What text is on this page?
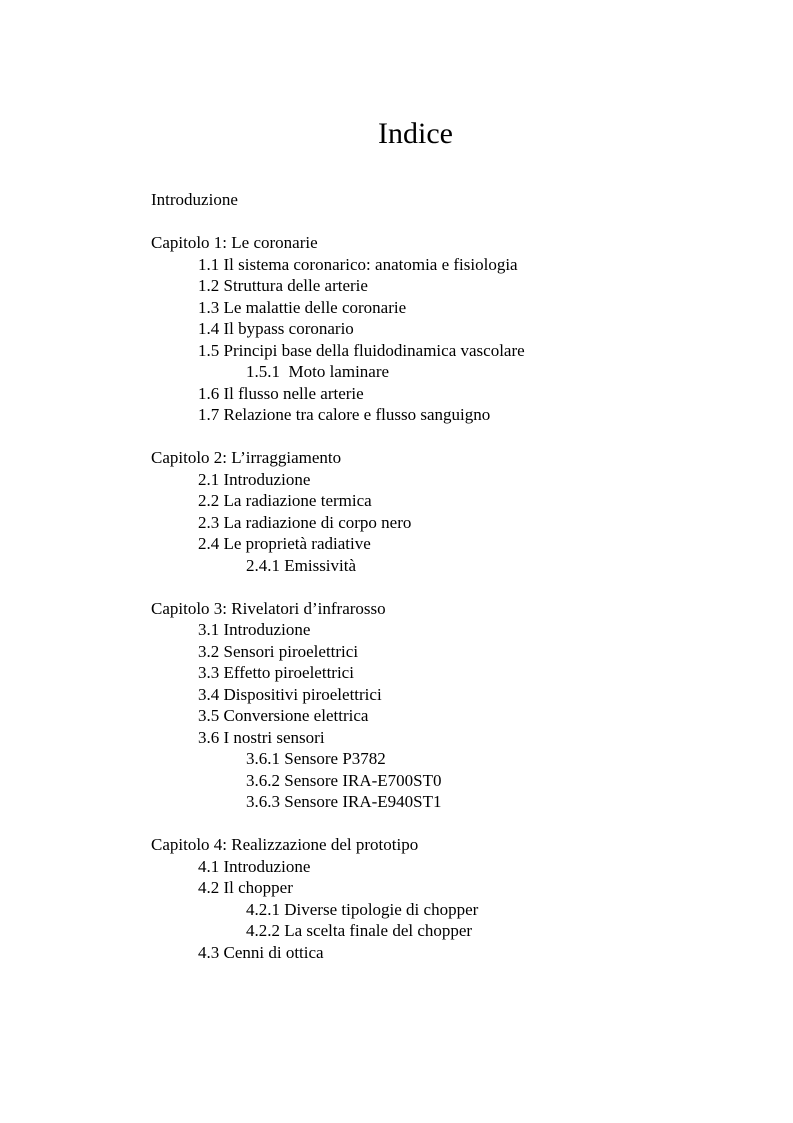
Indice
Introduzione
Capitolo 1: Le coronarie
1.1 Il sistema coronarico: anatomia e fisiologia
1.2 Struttura delle arterie
1.3 Le malattie delle coronarie
1.4 Il bypass coronario
1.5 Principi base della fluidodinamica vascolare
1.5.1  Moto laminare
1.6 Il flusso nelle arterie
1.7 Relazione tra calore e flusso sanguigno
Capitolo 2: L’irraggiamento
2.1 Introduzione
2.2 La radiazione termica
2.3 La radiazione di corpo nero
2.4 Le proprietà radiative
2.4.1 Emissività
Capitolo 3: Rivelatori d’infrarosso
3.1 Introduzione
3.2 Sensori piroelettrici
3.3 Effetto piroelettrici
3.4 Dispositivi piroelettrici
3.5 Conversione elettrica
3.6 I nostri sensori
3.6.1 Sensore P3782
3.6.2 Sensore IRA-E700ST0
3.6.3 Sensore IRA-E940ST1
Capitolo 4: Realizzazione del prototipo
4.1 Introduzione
4.2 Il chopper
4.2.1 Diverse tipologie di chopper
4.2.2 La scelta finale del chopper
4.3 Cenni di ottica
